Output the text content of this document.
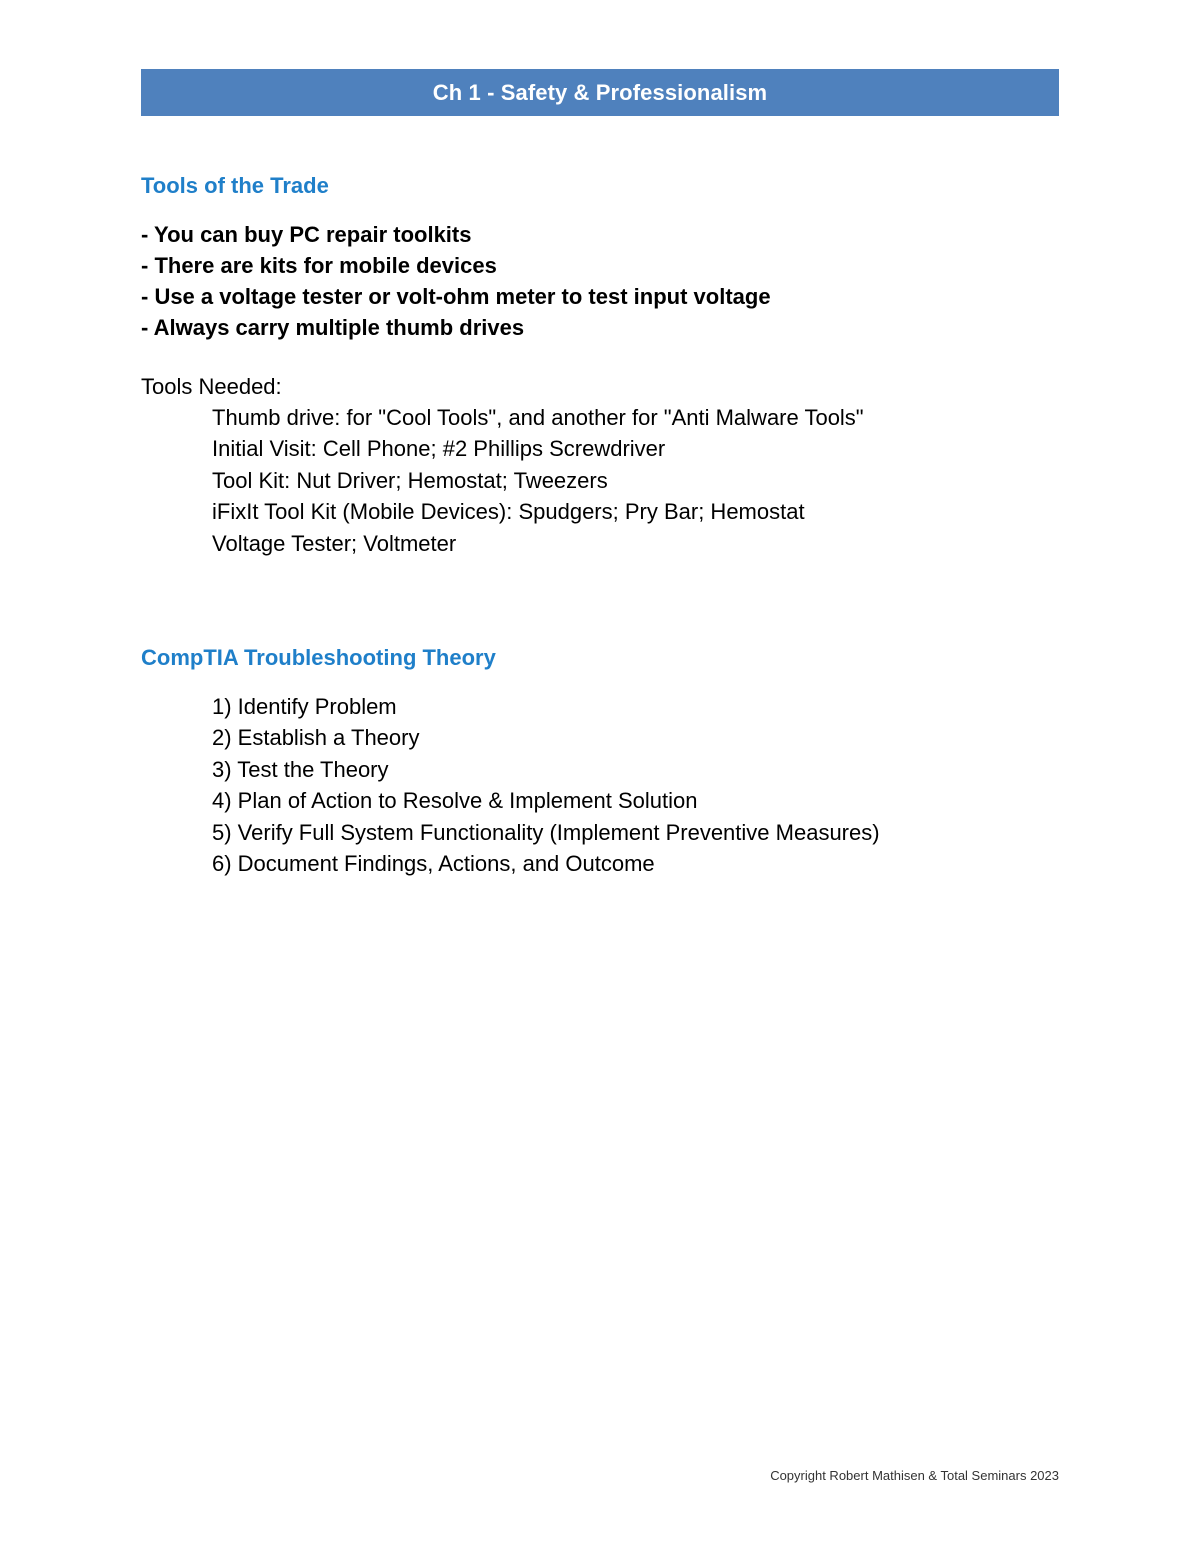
Ch 1 - Safety & Professionalism
Tools of the Trade
- You can buy PC repair toolkits
- There are kits for mobile devices
- Use a voltage tester or volt-ohm meter to test input voltage
- Always carry multiple thumb drives

Tools Needed:

Thumb drive: for "Cool Tools", and another for "Anti Malware Tools"
Initial Visit: Cell Phone; #2 Phillips Screwdriver
Tool Kit: Nut Driver; Hemostat; Tweezers
iFixIt Tool Kit (Mobile Devices): Spudgers; Pry Bar; Hemostat
Voltage Tester; Voltmeter
CompTIA Troubleshooting Theory
1) Identify Problem
2) Establish a Theory
3) Test the Theory
4) Plan of Action to Resolve & Implement Solution
5) Verify Full System Functionality (Implement Preventive Measures)
6) Document Findings, Actions, and Outcome
Copyright Robert Mathisen & Total Seminars 2023
